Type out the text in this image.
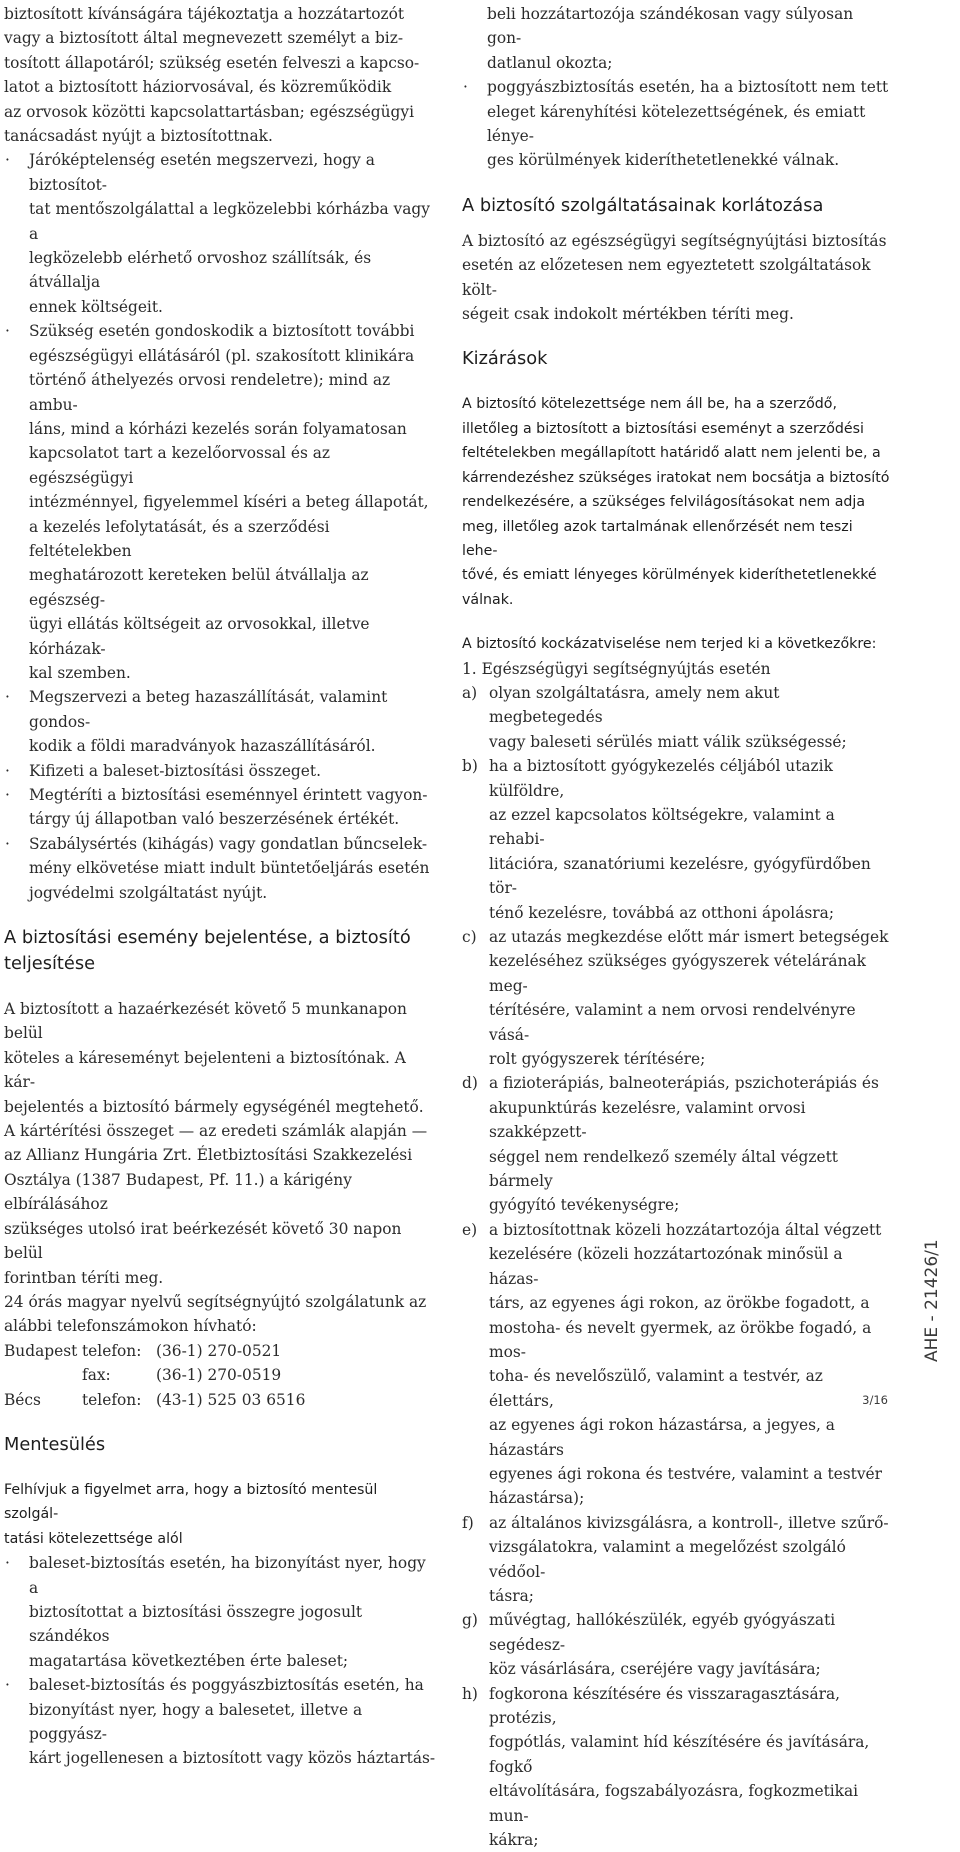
biztosított kívánságára tájékoztatja a hozzátartozót
vagy a biztosított által megnevezett személyt a biz-
tosított állapotáról; szükség esetén felveszi a kapcso-
latot a biztosított háziorvosával, és közreműködik
az orvosok közötti kapcsolattartásban; egészségügyi
tanácsadást nyújt a biztosítottnak.
· Járóképtelenség esetén megszervezi, hogy a biztosítot-
tat mentőszolgálattal a legközelebbi kórházba vagy a
legközelebb elérhető orvoshoz szállítsák, és átvállalja
ennek költségeit.
· Szükség esetén gondoskodik a biztosított további
egészségügyi ellátásáról (pl. szakosított klinikára
történő áthelyezés orvosi rendeletre); mind az ambu-
láns, mind a kórházi kezelés során folyamatosan
kapcsolatot tart a kezelőorvossal és az egészségügyi
intézménnyel, figyelemmel kíséri a beteg állapotát,
a kezelés lefolytatását, és a szerződési feltételekben
meghatározott kereteken belül átvállalja az egészség-
ügyi ellátás költségeit az orvosokkal, illetve kórházak-
kal szemben.
· Megszervezi a beteg hazaszállítását, valamint gondos-
kodik a földi maradványok hazaszállításáról.
· Kifizeti a baleset-biztosítási összeget.
· Megtéríti a biztosítási eseménnyel érintett vagyon-
tárgy új állapotban való beszerzésének értékét.
· Szabálysértés (kihágás) vagy gondatlan bűncselek-
mény elkövetése miatt indult büntetőeljárás esetén
jogvédelmi szolgáltatást nyújt.
A biztosítási esemény bejelentése, a biztosító
teljesítése
A biztosított a hazaérkezését követő 5 munkanapon belül
köteles a káreseményt bejelenteni a biztosítónak. A kár-
bejelentés a biztosító bármely egységénél megtehető.
A kártérítési összeget — az eredeti számlák alapján —
az Allianz Hungária Zrt. Életbiztosítási Szakkezelési
Osztálya (1387 Budapest, Pf. 11.) a kárigény elbírálásához
szükséges utolsó irat beérkezését követő 30 napon belül
forintban téríti meg.
24 órás magyar nyelvű segítségnyújtó szolgálatunk az
alábbi telefonszámokon hívható:
Budapest telefon: (36-1) 270-0521
fax:	(36-1) 270-0519
Bécs	telefon: (43-1) 525 03 6516
Mentesülés
Felhívjuk a figyelmet arra, hogy a biztosító mentesül szolgál-
tatási kötelezettsége alól
· baleset-biztosítás esetén, ha bizonyítást nyer, hogy a
biztosítottat a biztosítási összegre jogosult szándékos
magatartása következtében érte baleset;
· baleset-biztosítás és poggyászbiztosítás esetén, ha
bizonyítást nyer, hogy a balesetet, illetve a poggyász-
kárt jogellenesen a biztosított vagy közös háztartás-
beli hozzátartozója szándékosan vagy súlyosan gon-
datlanul okozta;
· poggyászbiztosítás esetén, ha a biztosított nem tett
eleget kárenyhítési kötelezettségének, és emiatt lénye-
ges körülmények kideríthetetlenekké válnak.
A biztosító szolgáltatásainak korlátozása
A biztosító az egészségügyi segítségnyújtási biztosítás
esetén az előzetesen nem egyeztetett szolgáltatások költ-
ségeit csak indokolt mértékben téríti meg.
Kizárások
A biztosító kötelezettsége nem áll be, ha a szerződő,
illetőleg a biztosított a biztosítási eseményt a szerződési
feltételekben megállapított határidő alatt nem jelenti be, a
kárrendezéshez szükséges iratokat nem bocsátja a biztosító
rendelkezésére, a szükséges felvilágosításokat nem adja
meg, illetőleg azok tartalmának ellenőrzését nem teszi lehe-
tővé, és emiatt lényeges körülmények kideríthetetlenekké
válnak.
A biztosító kockázatviselése nem terjed ki a következőkre:
1. Egészségügyi segítségnyújtás esetén
a) olyan szolgáltatásra, amely nem akut megbetegedés
vagy baleseti sérülés miatt válik szükségessé;
b) ha a biztosított gyógykezelés céljából utazik külföldre,
az ezzel kapcsolatos költségekre, valamint a rehabi-
litációra, szanatóriumi kezelésre, gyógyfürdőben tör-
ténő kezelésre, továbbá az otthoni ápolásra;
c) az utazás megkezdése előtt már ismert betegségek
kezeléséhez szükséges gyógyszerek vételárának meg-
térítésére, valamint a nem orvosi rendelvényre vásá-
rolt gyógyszerek térítésére;
d) a fizioterápiás, balneoterápiás, pszichoterápiás és
akupunktúrás kezelésre, valamint orvosi szakképzett-
séggel nem rendelkező személy által végzett bármely
gyógyító tevékenységre;
e) a biztosítottnak közeli hozzátartozója által végzett
kezelésére (közeli hozzátartozónak minősül a házas-
társ, az egyenes ági rokon, az örökbe fogadott, a
mostoha- és nevelt gyermek, az örökbe fogadó, a mos-
toha- és nevelőszülő, valamint a testvér, az élettárs,
az egyenes ági rokon házastársa, a jegyes, a házastárs
egyenes ági rokona és testvére, valamint a testvér
házastársa);
f) az általános kivizsgálásra, a kontroll-, illetve szűrő-
vizsgálatokra, valamint a megelőzést szolgáló védőol-
tásra;
g) művégtag, hallókészülék, egyéb gyógyászati segédesz-
köz vásárlására, cseréjére vagy javítására;
h) fogkorona készítésére és visszaragasztására, protézis,
fogpótlás, valamint híd készítésére és javítására, fogkő
eltávolítására, fogszabályozásra, fogkozmetikai mun-
kákra;
AHE - 21426/1
3/16
